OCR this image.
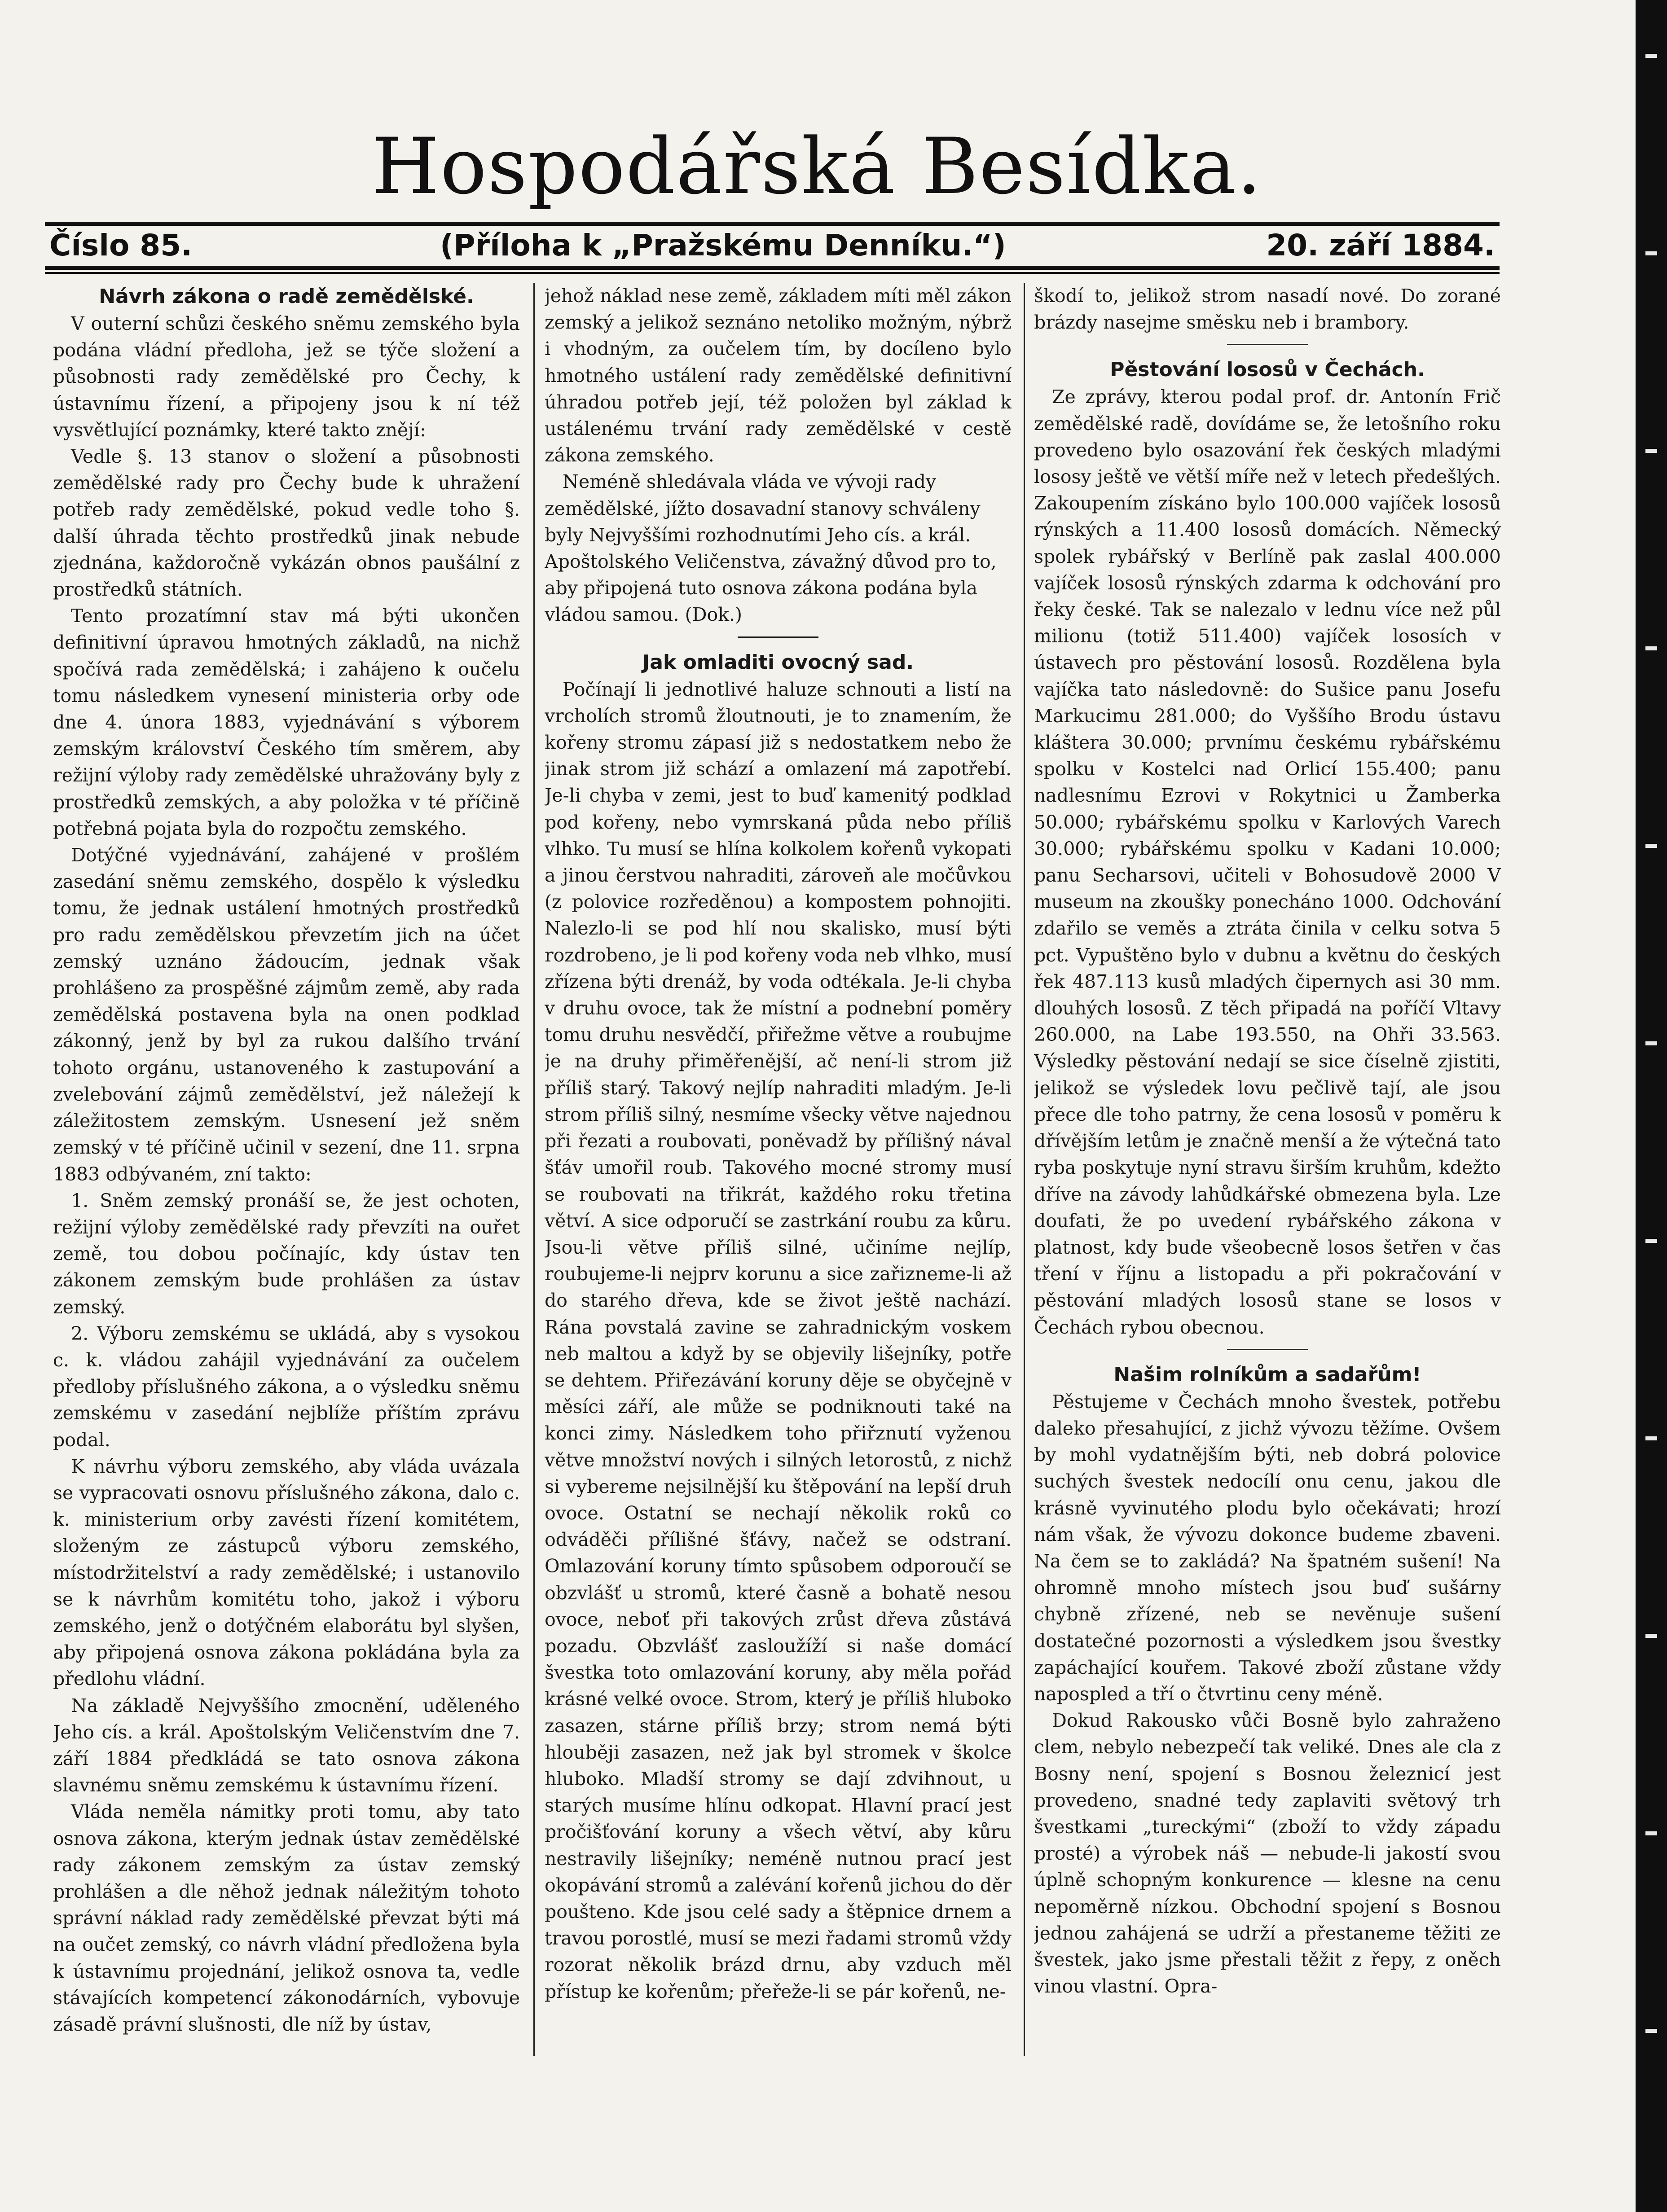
Hospodářská Besídka.
Číslo 85.	(Příloha k „Pražskému Denníku.“)	20. září 1884.
Návrh zákona o radě zemědělské.

V outerní schůzi českého sněmu zemského byla podána vládní předloha, jež se týče složení a působnosti rady zemědělské pro Čechy, k ústavnímu řízení, a připojeny jsou k ní též vysvětlující poznámky, které takto znějí:

Vedle §. 13 stanov o složení a působnosti zemědělské rady pro Čechy bude k uhražení potřeb rady zemědělské, pokud vedle toho §. další úhrada těchto prostředků jinak nebude zjednána, každoročně vykázán obnos paušální z prostředků státních.

Tento prozatímní stav má býti ukončen definitivní úpravou hmotných základů, na nichž spočívá rada zemědělská; i zahájeno k oučelu tomu následkem vynesení ministeria orby ode dne 4. února 1883, vyjednávání s výborem zemským království Českého tím směrem, aby režijní výloby rady zemědělské uhražovány byly z prostředků zemských, a aby položka v té příčině potřebná pojata byla do rozpočtu zemského.

Dotýčné vyjednávání, zahájené v prošlém zasedání sněmu zemského, dospělo k výsledku tomu, že jednak ustálení hmotných prostředků pro radu zemědělskou převzetím jich na účet zemský uznáno žádoucím, jednak však prohlášeno za prospěšné zájmům země, aby rada zemědělská postavena byla na onen podklad zákonný, jenž by byl za rukou dalšího trvání tohoto orgánu, ustanoveného k zastupování a zvelebování zájmů zemědělství, jež náležejí k záležitostem zemským. Usnesení jež sněm zemský v té příčině učinil v sezení, dne 11. srpna 1883 odbývaném, zní takto:

1. Sněm zemský pronáší se, že jest ochoten, režijní výloby zemědělské rady převzíti na ouřet země, tou dobou počínajíc, kdy ústav ten zákonem zemským bude prohlášen za ústav zemský.

2. Výboru zemskému se ukládá, aby s vysokou c. k. vládou zahájil vyjednávání za oučelem předloby příslušného zákona, a o výsledku sněmu zemskému v zasedání nejblíže příštím zprávu podal.

K návrhu výboru zemského, aby vláda uvázala se vypracovati osnovu příslušného zákona, dalo c. k. ministerium orby zavésti řízení komitétem, složeným ze zástupců výboru zemského, místodržitelství a rady zemědělské; i ustanovilo se k návrhům komitétu toho, jakož i výboru zemského, jenž o dotýčném elaborátu byl slyšen, aby připojená osnova zákona pokládána byla za předlohu vládní.

Na základě Nejvyššího zmocnění, uděleného Jeho cís. a král. Apoštolským Veličenstvím dne 7. září 1884 předkládá se tato osnova zákona slavnému sněmu zemskému k ústavnímu řízení.

Vláda neměla námitky proti tomu, aby tato osnova zákona, kterým jednak ústav zemědělské rady zákonem zemským za ústav zemský prohlášen a dle něhož jednak náležitým tohoto správní náklad rady zemědělské převzat býti má na oučet zemský, co návrh vládní předložena byla k ústavnímu projednání, jelikož osnova ta, vedle stávajících kompetencí zákonodárních, vybovuje zásadě právní slušnosti, dle níž by ústav,

jehož náklad nese země, základem míti měl zákon zemský a jelikož seznáno netoliko možným, nýbrž i vhodným, za oučelem tím, by docíleno bylo hmotného ustálení rady zemědělské definitivní úhradou potřeb její, též položen byl základ k ustálenému trvání rady zemědělské v cestě zákona zemského.

Neméně shledávala vláda ve vývoji rady zemědělské, jížto dosavadní stanovy schváleny byly Nejvyššími rozhodnutími Jeho cís. a král. Apoštolského Veličenstva, závažný důvod pro to, aby připojená tuto osnova zákona podána byla vládou samou. (Dok.)

Jak omladiti ovocný sad.

Počínají li jednotlivé haluze schnouti a listí na vrcholích stromů žloutnouti, je to znamením, že kořeny stromu zápasí již s nedostatkem nebo že jinak strom již schází a omlazení má zapotřebí. Je-li chyba v zemi, jest to buď kamenitý podklad pod kořeny, nebo vymrskaná půda nebo příliš vlhko. Tu musí se hlína kolkolem kořenů vykopati a jinou čerstvou nahraditi, zároveň ale močůvkou (z polovice rozředěnou) a kompostem pohnojiti. Nalezlo-li se pod hlí nou skalisko, musí býti rozdrobeno, je li pod kořeny voda neb vlhko, musí zřízena býti drenáž, by voda odtékala. Je-li chyba v druhu ovoce, tak že místní a podnební poměry tomu druhu nesvědčí, přiřežme větve a roubujme je na druhy přiměřenější, ač není-li strom již příliš starý. Takový nejlíp nahraditi mladým. Je-li strom příliš silný, nesmíme všecky větve najednou při řezati a roubovati, poněvadž by přílišný nával šťáv umořil roub. Takového mocné stromy musí se roubovati na třikrát, každého roku třetina větví. A sice odporučí se zastrkání roubu za kůru. Jsou-li větve příliš silné, učiníme nejlíp, roubujeme-li nejprv korunu a sice zařizneme-li až do starého dřeva, kde se život ještě nachází. Rána povstalá zavine se zahradnickým voskem neb maltou a když by se objevily lišejníky, potře se dehtem. Přiřezávání koruny děje se obyčejně v měsíci září, ale může se podniknouti také na konci zimy. Následkem toho přiřznutí vyženou větve množství nových i silných letorostů, z nichž si vybereme nejsilnější ku štěpování na lepší druh ovoce. Ostatní se nechají několik roků co odváděči přílišné šťávy, načež se odstraní. Omlazování koruny tímto spůsobem odporoučí se obzvlášť u stromů, které časně a bohatě nesou ovoce, neboť při takových zrůst dřeva zůstává pozadu. Obzvlášť zasloužíží si naše domácí švestka toto omlazování koruny, aby měla pořád krásné velké ovoce. Strom, který je příliš hluboko zasazen, stárne příliš brzy; strom nemá býti hlouběji zasazen, než jak byl stromek v školce hluboko. Mladší stromy se dají zdvihnout, u starých musíme hlínu odkopat. Hlavní prací jest pročišťování koruny a všech větví, aby kůru nestravily lišejníky; neméně nutnou prací jest okopávání stromů a zalévání kořenů jichou do děr poušteno. Kde jsou celé sady a štěpnice drnem a travou porostlé, musí se mezi řadami stromů vždy rozorat několik brázd drnu, aby vzduch měl přístup ke kořenům; přeřeže-li se pár kořenů, ne-

škodí to, jelikož strom nasadí nové. Do zorané brázdy nasejme směsku neb i brambory.

Pěstování lososů v Čechách.

Ze zprávy, kterou podal prof. dr. Antonín Frič zemědělské radě, dovídáme se, že letošního roku provedeno bylo osazování řek českých mladými lososy ještě ve větší míře než v letech předešlých. Zakoupením získáno bylo 100.000 vajíček lososů rýnských a 11.400 lososů domácích. Německý spolek rybářský v Berlíně pak zaslal 400.000 vajíček lososů rýnských zdarma k odchování pro řeky české. Tak se nalezalo v lednu více než půl milionu (totiž 511.400) vajíček lososích v ústavech pro pěstování lososů. Rozdělena byla vajíčka tato následovně: do Sušice panu Josefu Markucimu 281.000; do Vyššího Brodu ústavu kláštera 30.000; prvnímu českému rybářskému spolku v Kostelci nad Orlicí 155.400; panu nadlesnímu Ezrovi v Rokytnici u Žamberka 50.000; rybářskému spolku v Karlových Varech 30.000; rybářskému spolku v Kadani 10.000; panu Secharsovi, učiteli v Bohosudově 2000 V museum na zkoušky ponecháno 1000. Odchování zdařilo se veměs a ztráta činila v celku sotva 5 pct. Vypuštěno bylo v dubnu a květnu do českých řek 487.113 kusů mladých čipernych asi 30 mm. dlouhých lososů. Z těch připadá na poříčí Vltavy 260.000, na Labe 193.550, na Ohři 33.563. Výsledky pěstování nedají se sice číselně zjistiti, jelikož se výsledek lovu pečlivě tají, ale jsou přece dle toho patrny, že cena lososů v poměru k dřívějším letům je značně menší a že výtečná tato ryba poskytuje nyní stravu širším kruhům, kdežto dříve na závody lahůdkářské obmezena byla. Lze doufati, že po uvedení rybářského zákona v platnost, kdy bude všeobecně losos šetřen v čas tření v říjnu a listopadu a při pokračování v pěstování mladých lososů stane se losos v Čechách rybou obecnou.

Našim rolníkům a sadařům!

Pěstujeme v Čechách mnoho švestek, potřebu daleko přesahující, z jichž vývozu těžíme. Ovšem by mohl vydatnějším býti, neb dobrá polovice suchých švestek nedocílí onu cenu, jakou dle krásně vyvinutého plodu bylo očekávati; hrozí nám však, že vývozu dokonce budeme zbaveni. Na čem se to zakládá? Na špatném sušení! Na ohromně mnoho místech jsou buď sušárny chybně zřízené, neb se nevěnuje sušení dostatečné pozornosti a výsledkem jsou švestky zapáchající kouřem. Takové zboží zůstane vždy napospled a tří o čtvrtinu ceny méně.

Dokud Rakousko vůči Bosně bylo zahraženo clem, nebylo nebezpečí tak veliké. Dnes ale cla z Bosny není, spojení s Bosnou železnicí jest provedeno, snadné tedy zaplaviti světový trh švestkami „tureckými“ (zboží to vždy západu prosté) a výrobek náš — nebude-li jakostí svou úplně schopným konkurence — klesne na cenu nepoměrně nízkou. Obchodní spojení s Bosnou jednou zahájená se udrží a přestaneme těžiti ze švestek, jako jsme přestali těžit z řepy, z oněch vinou vlastní. Opra-
